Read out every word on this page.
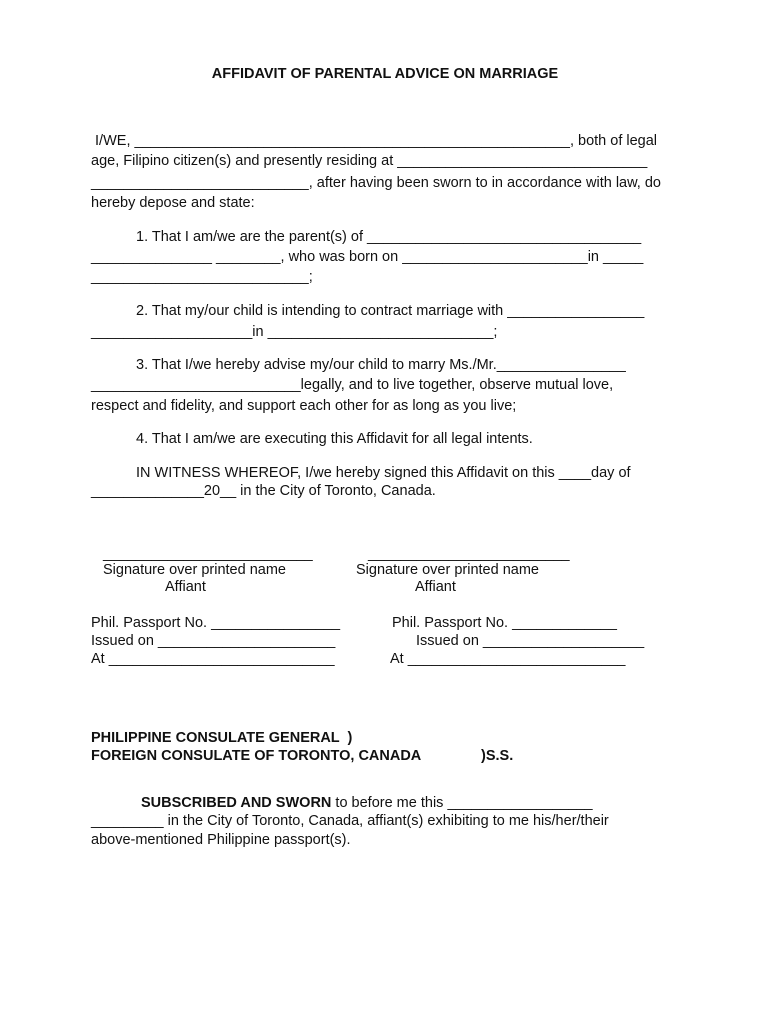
AFFIDAVIT OF PARENTAL ADVICE ON MARRIAGE
I/WE, ______________________________________________________, both of legal
age, Filipino citizen(s) and presently residing at _______________________________
___________________________, after having been sworn to in accordance with law, do
hereby depose and state:
1. That I am/we are the parent(s) of __________________________________
_______________ ________, who was born on _______________________in _____
___________________________;
2. That my/our child is intending to contract marriage with _________________
____________________in ____________________________;
3. That I/we hereby advise my/our child to marry Ms./Mr.________________
__________________________legally, and to live together, observe mutual love,
respect and fidelity, and support each other for as long as you live;
4. That I am/we are executing this Affidavit for all legal intents.
IN WITNESS WHEREOF, I/we hereby signed this Affidavit on this ____day of
______________20__ in the City of Toronto, Canada.
__________________________
Signature over printed name
Affiant
Phil. Passport No. ________________
Issued on ______________________
At ____________________________
_________________________
Signature over printed name
Affiant
Phil. Passport No. _____________
Issued on ____________________
At ___________________________
PHILIPPINE CONSULATE GENERAL  )
FOREIGN CONSULATE OF TORONTO, CANADA	)S.S.
SUBSCRIBED AND SWORN to before me this __________________
_________ in the City of Toronto, Canada, affiant(s) exhibiting to me his/her/their
above-mentioned Philippine passport(s).
